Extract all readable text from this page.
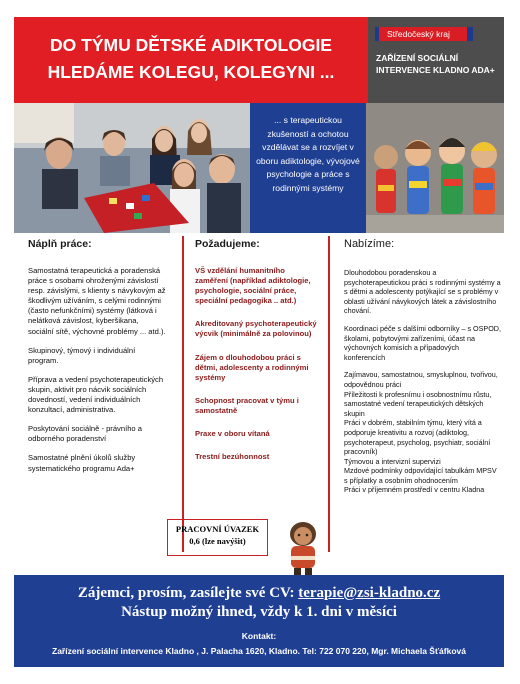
DO TÝMU DĚTSKÉ ADIKTOLOGIE HLEDÁME KOLEGU, KOLEGYNI ...
Středočeský kraj
ZAŘÍZENÍ SOCIÁLNÍ INTERVENCE KLADNO ADA+
... s terapeutickou zkušeností a ochotou vzdělávat se a rozvíjet v oboru adiktologie, vývojové psychologie a práce s rodinnými systémy
Náplň práce:

Samostatná terapeutická a poradenská práce s osobami ohroženými závislostí resp. závislými, s klienty s návykovým až škodlivým užíváním, s celými rodinnými (často nefunkčními) systémy (látková i nelátková závislost, kyberšikana, sociální sítě, výchovné problémy ... atd.).

Skupinový, týmový i individuální program.

Příprava a vedení psychoterapeutických skupin, aktivit pro nácvik sociálních dovedností, vedení individuálních konzultací, administrativa.

Poskytování sociálně - právního a odborného poradenství

Samostatné plnění úkolů služby systematického programu Ada+

Požadujeme:

VŠ vzdělání humanitního zaměření (například adiktologie, psychologie, sociální práce, speciální pedagogika .. atd.)

Akreditovaný psychoterapeutický výcvik (minimálně za polovinou)

Zájem o dlouhodobou práci s dětmi, adolescenty a rodinnými systémy

Schopnost pracovat v týmu i samostatně

Praxe v oboru vítaná

Trestní bezúhonnost

Nabízíme:

Dlouhodobou poradenskou a psychoterapeutickou práci s rodinnými systémy a s dětmi a adolescenty potýkající se s problémy v oblasti užívání návykových látek a závislostního chování.

Koordinaci péče s dalšími odborníky – s OSPOD, školami, pobytovými zařízeními, účast na výchovných komisích a případových konferencích

Zajímavou, samostatnou, smysluplnou, tvořivou, odpovědnou práci
Příležitosti k profesnímu i osobnostnímu růstu, samostatné vedení terapeutických dětských skupin
Práci v dobrém, stabilním týmu, který vítá a podporuje kreativitu a rozvoj (adiktolog, psychoterapeut, psycholog, psychiatr, sociální pracovník)
Týmovou a intervizní supervizi
Mzdové podmínky odpovídající tabulkám MPSV s příplatky a osobním ohodnocením
Práci v příjemném prostředí v centru Kladna

PRACOVNÍ ÚVAZEK
0,6 (lze navýšit)
Zájemci, prosím, zasílejte své CV: terapie@zsi-kladno.cz
Nástup možný ihned, vždy k 1. dni v měsíci
Kontakt:
Zařízení sociální intervence Kladno , J. Palacha 1620, Kladno. Tel: 722 070 220, Mgr. Michaela Šťáfková
